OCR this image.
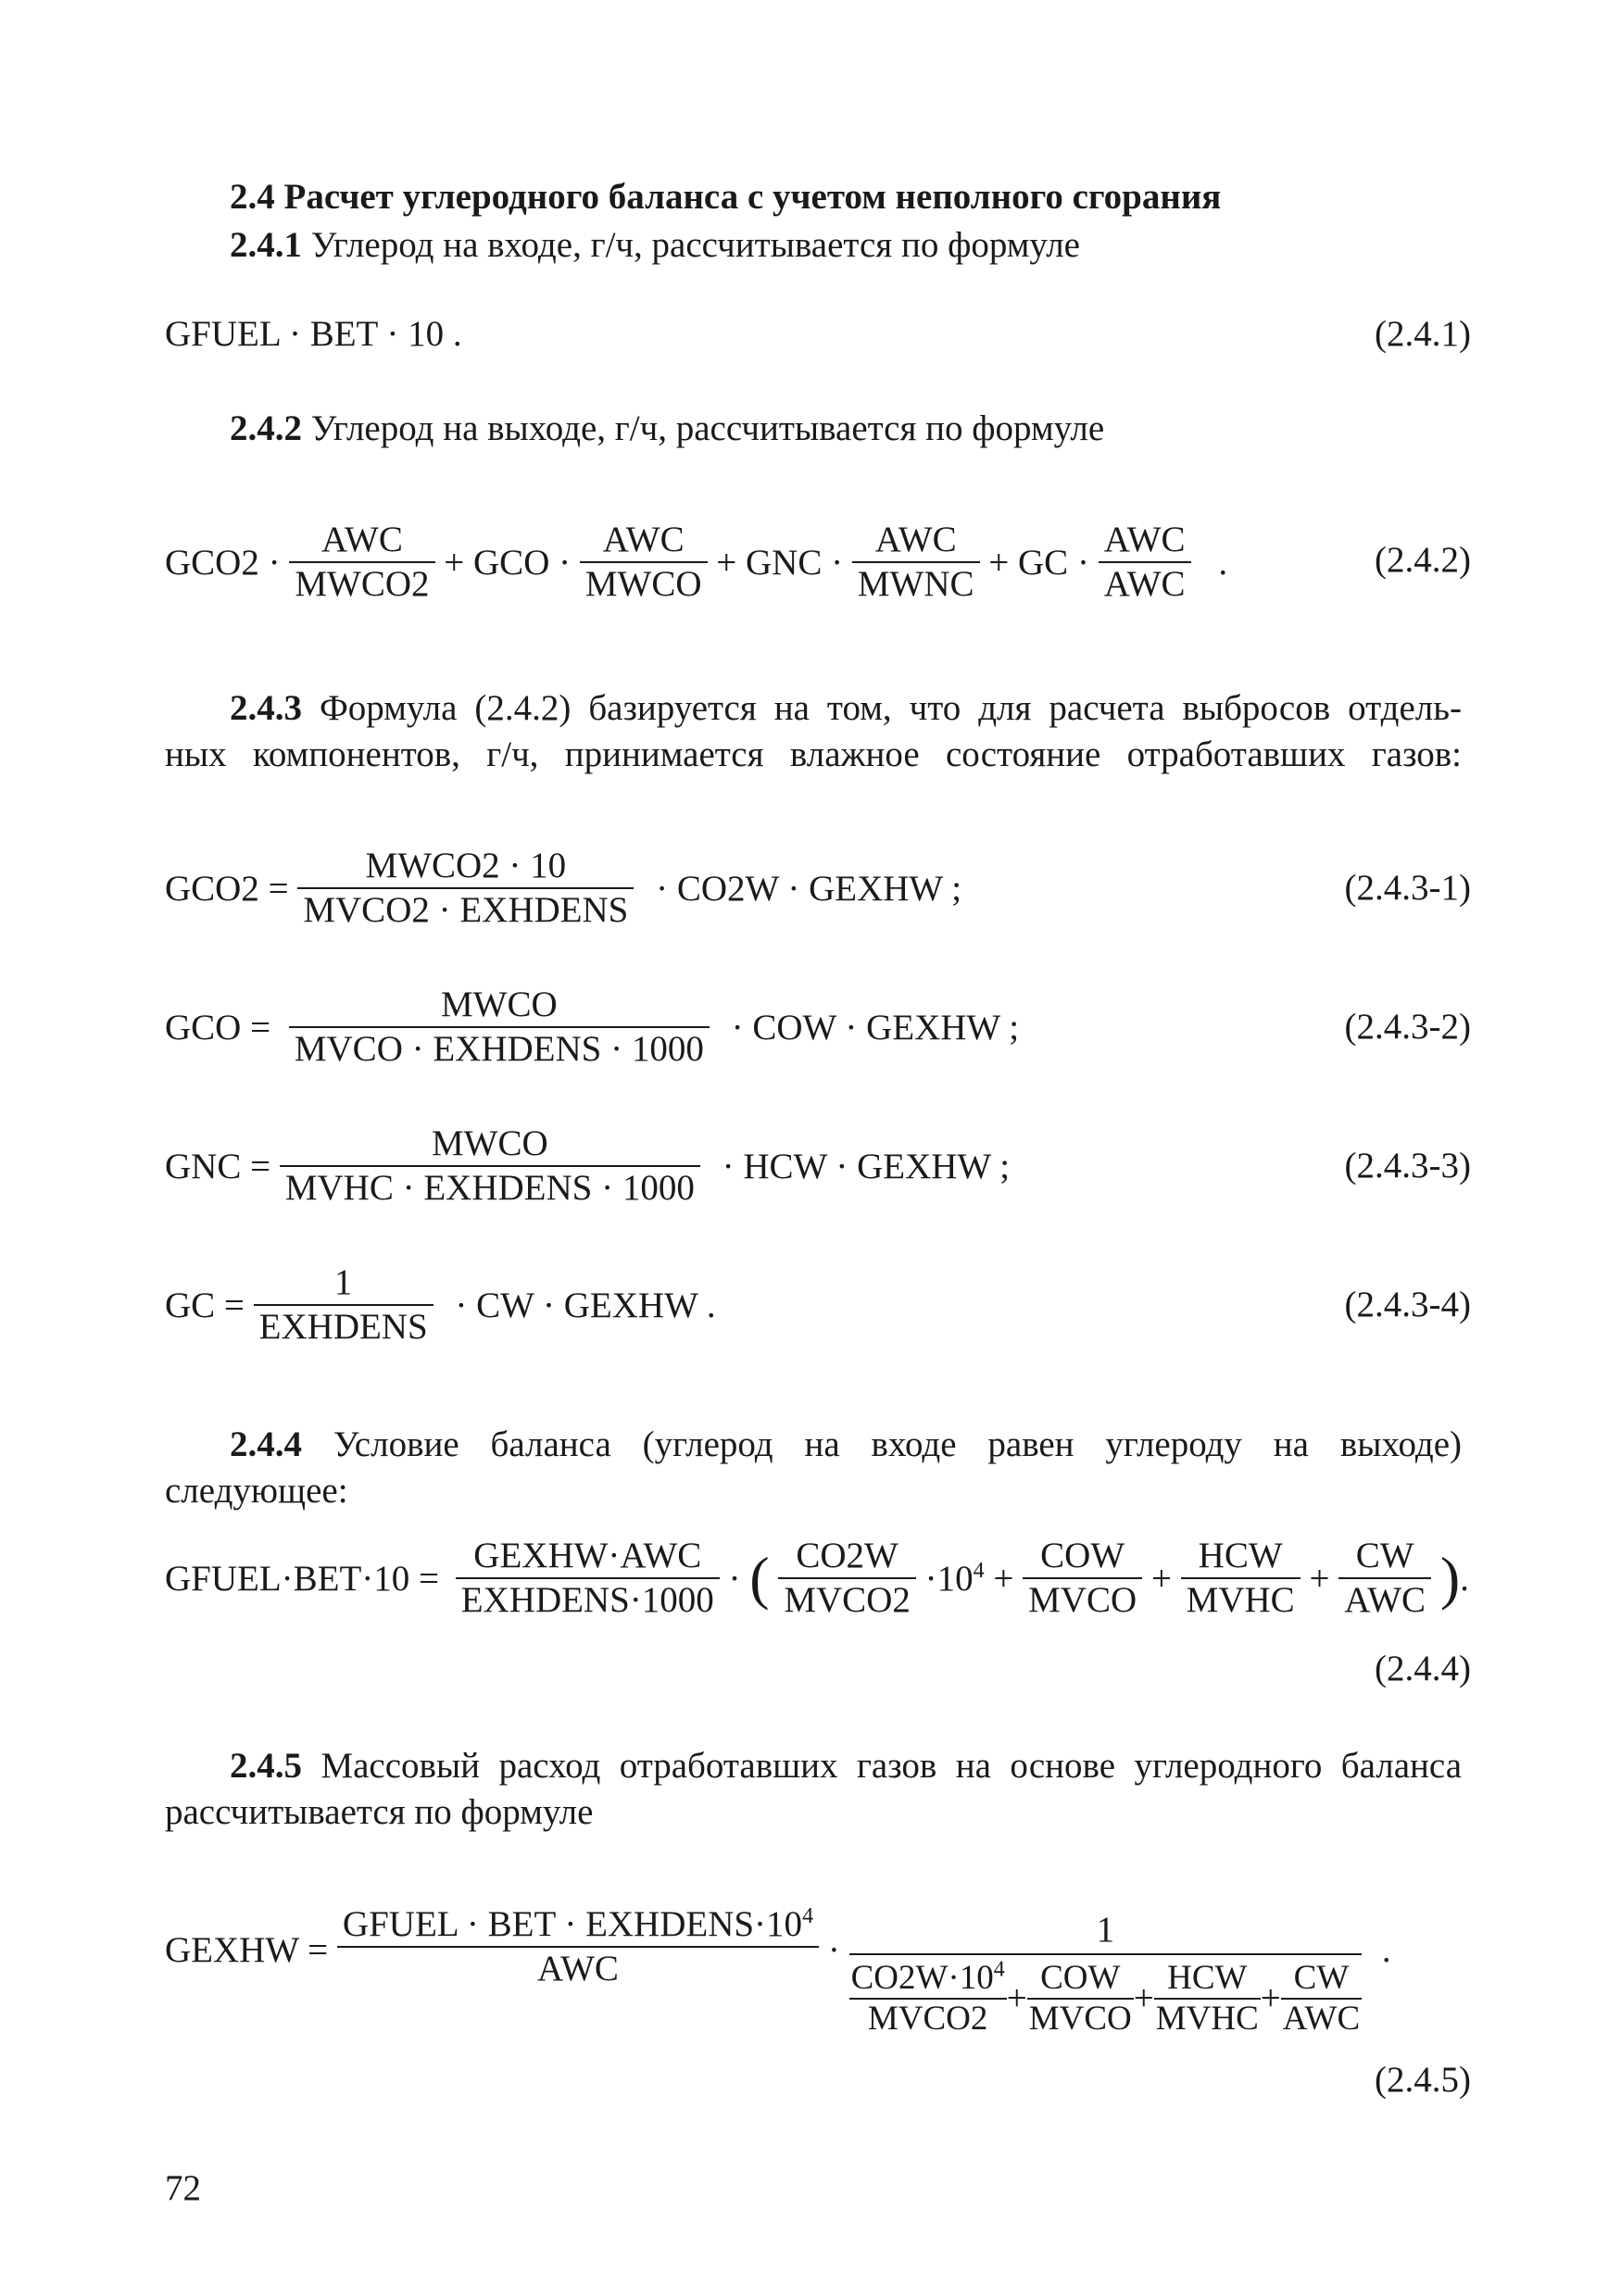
2.4 Расчет углеродного баланса с учетом неполного сгорания
2.4.1 Углерод на входе, г/ч, рассчитывается по формуле
GFUEL · BET · 10 .	(2.4.1)
2.4.2 Углерод на выходе, г/ч, рассчитывается по формуле
$GCO2 \cdot \frac{\text{AWC}}{\text{MWCO2}}$ + GCO · $\frac{\text{AWC}}{\text{MWCO}}$ + GNC · $\frac{\text{AWC}}{\text{MWNC}}$ + GC · $\frac{\text{AWC}}{\text{AWC}}$ .	(2.4.2)
2.4.3 Формула (2.4.2) базируется на том, что для расчета выбросов отдель-
ных компонентов, г/ч, принимается влажное состояние отработавших газов:
$GCO2 = \frac{\text{MWCO2 · 10}}{\text{MVCO2 · EXHDENS}} \cdot CO2W$ · GEXHW ;	(2.4.3-1)
GCO = $\frac{\text{MWCO}}{\text{MVCO · EXHDENS · 1000}}$ · COW · GEXHW ;	(2.4.3-2)
GNC = $\frac{\text{MWCO}}{\text{MVHC · EXHDENS · 1000}}$ · HCW · GEXHW ;	(2.4.3-3)
GC = $\frac{1}{\text{EXHDENS}}$ · CW · GEXHW .	(2.4.3-4)
2.4.4 Условие баланса (углерод на входе равен углероду на выходе)
следующее:
GFUEL·BET·10 = $\frac{\text{GEXHW·AWC}}{\text{EXHDENS·1000}}$ · ( $\frac{CO2W}{\text{MVCO2}} \cdot 10^4 + \frac{\text{COW}}{\text{MVCO}} + \frac{\text{HCW}}{\text{MVHC}} + \frac{CW}{\text{AWC}}$ ).
(2.4.4)
2.4.5 Массовый расход отработавших газов на основе углеродного баланса
рассчитывается по формуле
GEXHW = $\frac{GFUEL \cdot BET \cdot EXHDENS\cdot 10^4}{\text{AWC}} \cdot \frac{1}{\frac{CO2W\cdot 10^4}{\text{MVCO2}} + \frac{\text{COW}}{\text{MVCO}} + \frac{\text{HCW}}{\text{MVHC}} + \frac{CW}{\text{AWC}}}$ .
(2.4.5)
72
